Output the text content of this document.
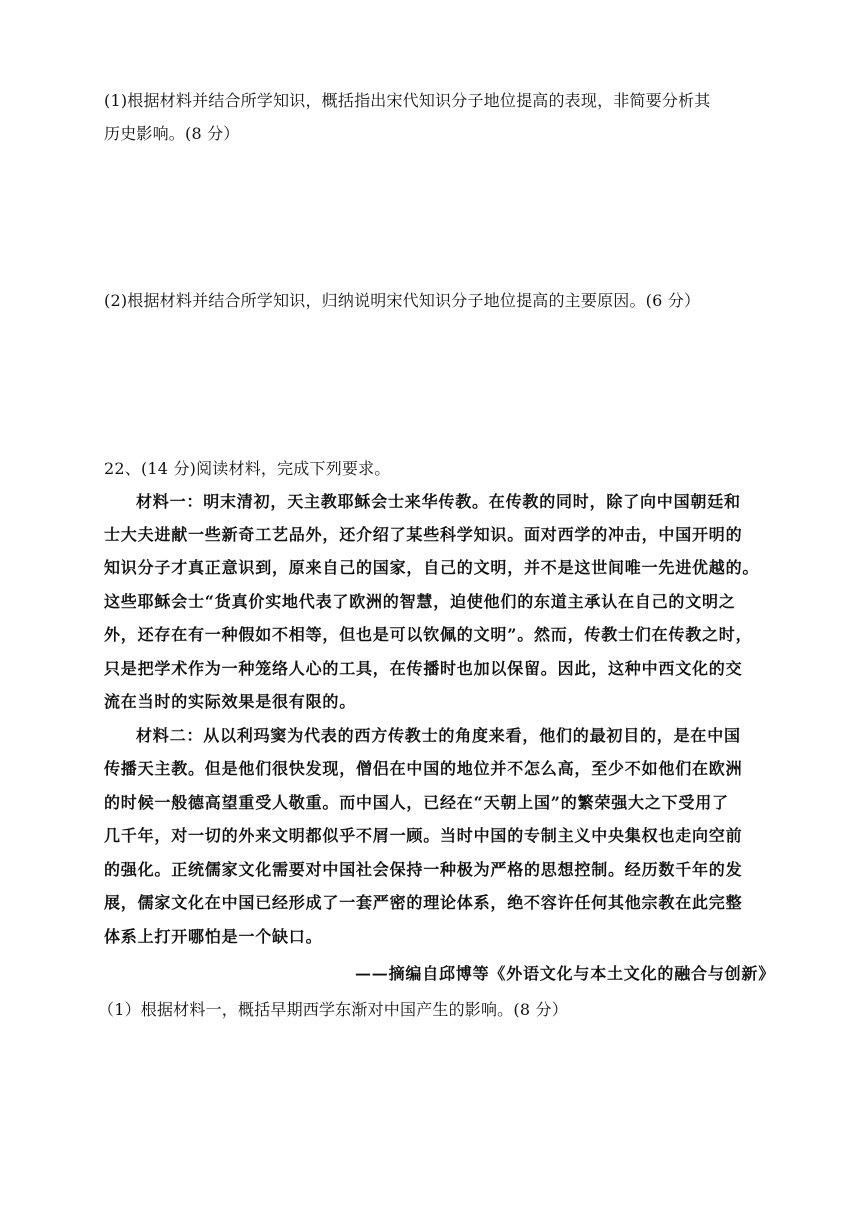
(1)根据材料并结合所学知识，概括指出宋代知识分子地位提高的表现，非简要分析其
历史影响。(8 分）
(2)根据材料并结合所学知识，归纳说明宋代知识分子地位提高的主要原因。(6 分）
22、(14 分)阅读材料，完成下列要求。
材料一：明末清初，天主教耶稣会士来华传教。在传教的同时，除了向中国朝廷和
士大夫进献一些新奇工艺品外，还介绍了某些科学知识。面对西学的冲击，中国开明的
知识分子才真正意识到，原来自己的国家，自己的文明，并不是这世间唯一先进优越的。
这些耶稣会士“货真价实地代表了欧洲的智慧，迫使他们的东道主承认在自己的文明之
外，还存在有一种假如不相等，但也是可以钦佩的文明”。然而，传教士们在传教之时，
只是把学术作为一种笼络人心的工具，在传播时也加以保留。因此，这种中西文化的交
流在当时的实际效果是很有限的。
材料二：从以利玛窦为代表的西方传教士的角度来看，他们的最初目的，是在中国
传播天主教。但是他们很快发现，僧侣在中国的地位并不怎么高，至少不如他们在欧洲
的时候一般德高望重受人敬重。而中国人，已经在“天朝上国”的繁荣强大之下受用了
几千年，对一切的外来文明都似乎不屑一顾。当时中国的专制主义中央集权也走向空前
的强化。正统儒家文化需要对中国社会保持一种极为严格的思想控制。经历数千年的发
展，儒家文化在中国已经形成了一套严密的理论体系，绝不容许任何其他宗教在此完整
体系上打开哪怕是一个缺口。
——摘编自邱博等《外语文化与本土文化的融合与创新》
（1）根据材料一，概括早期西学东渐对中国产生的影响。(8 分）
